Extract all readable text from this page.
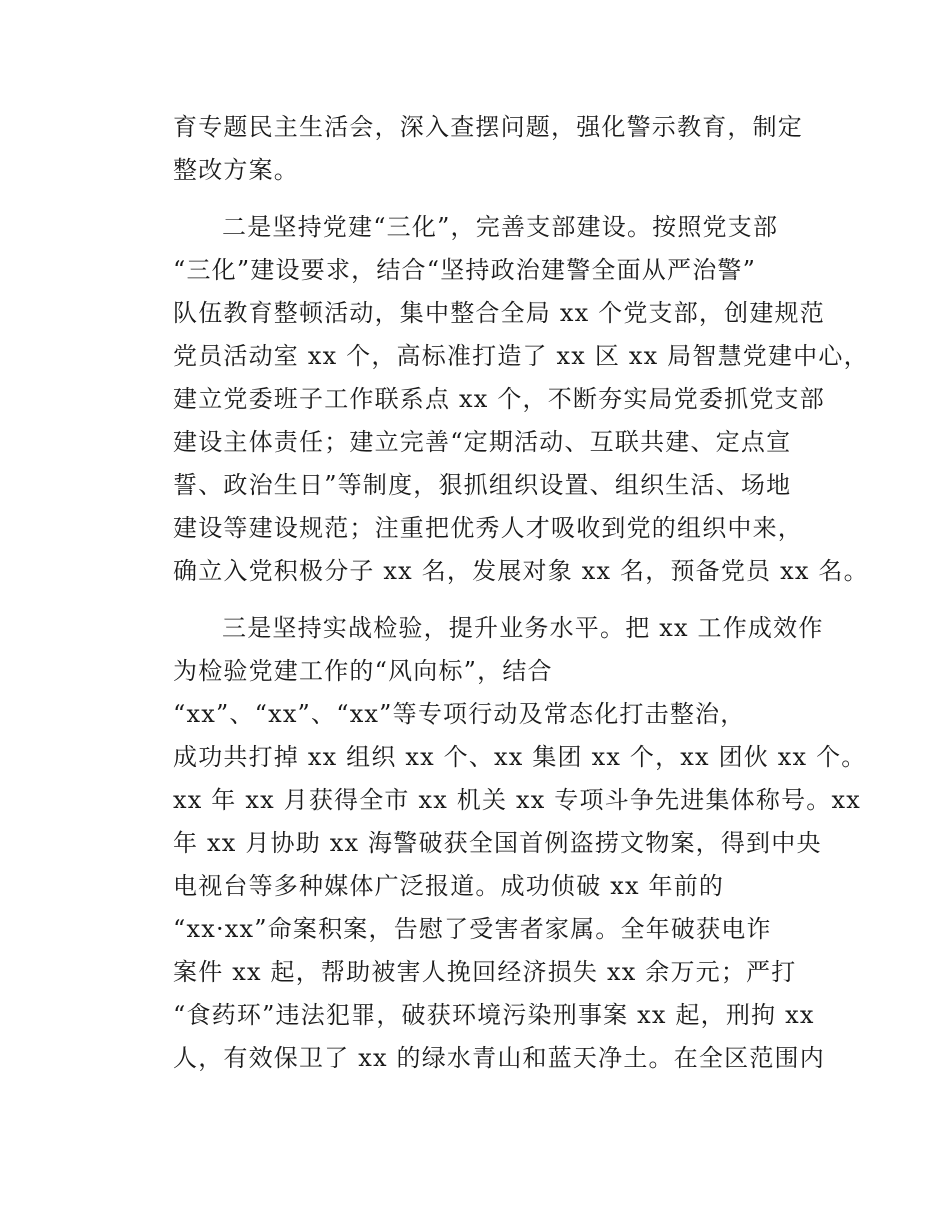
育专题民主生活会，深入查摆问题，强化警示教育，制定
整改方案。
二是坚持党建“三化”，完善支部建设。按照党支部
“三化”建设要求，结合“坚持政治建警全面从严治警”
队伍教育整顿活动，集中整合全局 xx 个党支部，创建规范
党员活动室 xx 个，高标准打造了 xx 区 xx 局智慧党建中心，
建立党委班子工作联系点 xx 个，不断夯实局党委抓党支部
建设主体责任；建立完善“定期活动、互联共建、定点宣
誓、政治生日”等制度，狠抓组织设置、组织生活、场地
建设等建设规范；注重把优秀人才吸收到党的组织中来，
确立入党积极分子 xx 名，发展对象 xx 名，预备党员 xx 名。
三是坚持实战检验，提升业务水平。把 xx 工作成效作
为检验党建工作的“风向标”，结合
“xx”、“xx”、“xx”等专项行动及常态化打击整治，
成功共打掉 xx 组织 xx 个、xx 集团 xx 个，xx 团伙 xx 个。
xx 年 xx 月获得全市 xx 机关 xx 专项斗争先进集体称号。xx
年 xx 月协助 xx 海警破获全国首例盗捞文物案，得到中央
电视台等多种媒体广泛报道。成功侦破 xx 年前的
“xx·xx”命案积案，告慰了受害者家属。全年破获电诈
案件 xx 起，帮助被害人挽回经济损失 xx 余万元；严打
“食药环”违法犯罪，破获环境污染刑事案 xx 起，刑拘 xx
人，有效保卫了 xx 的绿水青山和蓝天净土。在全区范围内
